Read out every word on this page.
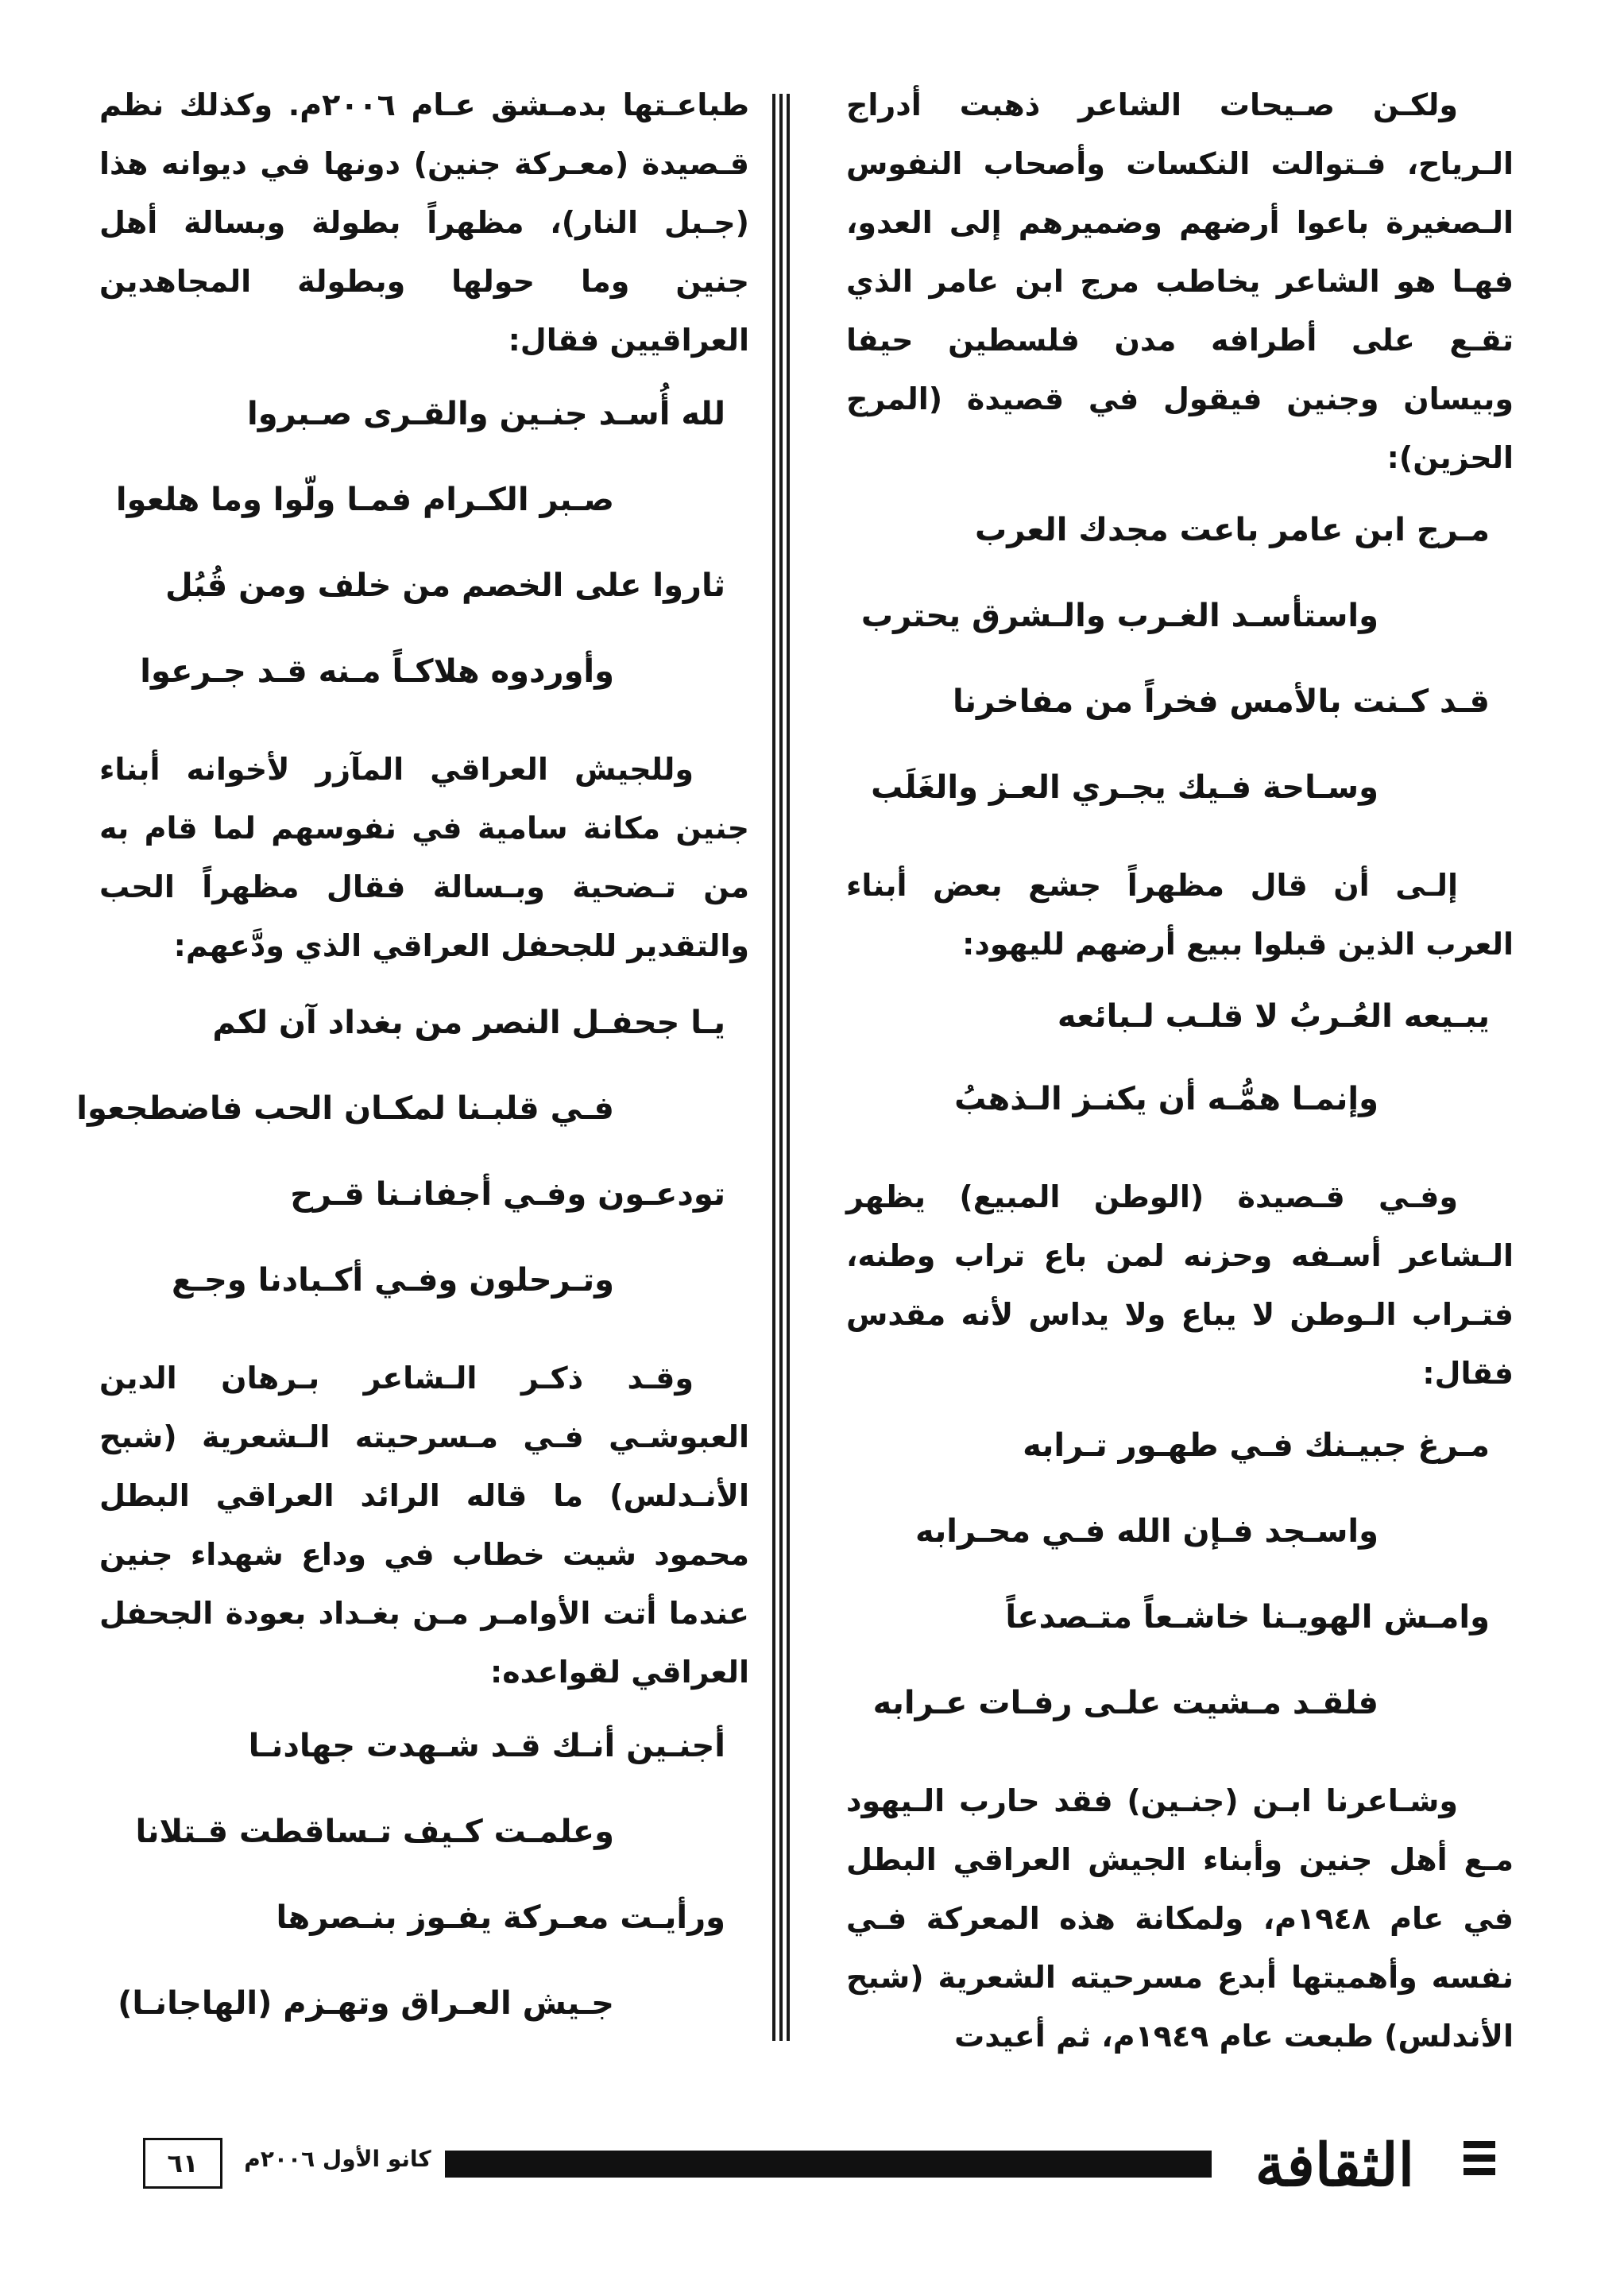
ولكـن صـيحات الشاعر ذهبت أدراج الـرياح، فـتوالت النكسات وأصحاب النفوس الـصغيرة باعوا أرضهم وضميرهم إلى العدو، فهـا هو الشاعر يخاطب مرج ابن عامر الذي تقـع على أطرافه مدن فلسطين حيفا وبيسان وجنين فيقول في قصيدة (المرج الحزين):

مـرج ابن عامر باعت مجدك العرب
واستأسـد الغـرب والـشرق يحترب
قـد كـنت بالأمس فخراً من مفاخرنا
وسـاحة فـيك يجـري العـز والغَلَب

إلـى أن قال مظهراً جشع بعض أبناء العرب الذين قبلوا ببيع أرضهم لليهود:

يبـيعه العُـربُ لا قلـب لـبائعه
وإنمـا همُّـه أن يكنـز الـذهبُ

وفـي قـصيدة (الوطن المبيع) يظهر الـشاعر أسـفه وحزنه لمن باع تراب وطنه، فتـراب الـوطن لا يباع ولا يداس لأنه مقدس فقال:

مـرغ جبيـنك فـي طهـور تـرابه
واسـجد فـإن الله فـي محـرابه
وامـش الهويـنا خاشـعاً متـصدعاً
فلقـد مـشيت علـى رفـات عـرابه

وشـاعرنا ابـن (جنـين) فقد حارب الـيهود مـع أهل جنين وأبناء الجيش العراقي البطل في عام ١٩٤٨م، ولمكانة هذه المعركة فـي نفسه وأهميتها أبدع مسرحيته الشعرية (شبح الأندلس) طبعت عام ١٩٤٩م، ثم أعيدت

طباعـتها بدمـشق عـام ٢٠٠٦م. وكذلك نظم قـصيدة (معـركة جنين) دونها في ديوانه هذا (جـبل النار)، مظهراً بطولة وبسالة أهل جنين وما حولها وبطولة المجاهدين العراقيين فقال:

لله أُسـد جنـين والقـرى صـبروا
صـبر الكـرام فمـا ولّوا وما هلعوا
ثاروا على الخصم من خلف ومن قُبُل
وأوردوه هلاكـاً مـنه قـد جـرعوا

وللجيش العراقي المآزر لأخوانه أبناء جنين مكانة سامية في نفوسهم لما قام به من تـضحية وبـسالة فقال مظهراً الحب والتقدير للجحفل العراقي الذي ودَّعهم:

يـا جحفـل النصر من بغداد آن لكم
فـي قلبـنا لمكـان الحب فاضطجعوا
تودعـون وفـي أجفانـنا قـرح
وتـرحلون وفـي أكـبادنا وجـع

وقـد ذكـر الـشاعر بـرهان الدين العبوشـي فـي مـسرحيته الـشعرية (شبح الأنـدلس) ما قاله الرائد العراقي البطل محمود شيت خطاب في وداع شهداء جنين عندما أتت الأوامـر مـن بغـداد بعودة الجحفل العراقي لقواعده:

أجنـين أنـك قـد شـهدت جهادنـا
وعلمـت كـيف تـساقطت قـتلانا
ورأيـت معـركة يفـوز بنـصرها
جـيش العـراق وتهـزم (الهاجانـا)
٦١	كانو الأول ٢٠٠٦م	الثقافة
